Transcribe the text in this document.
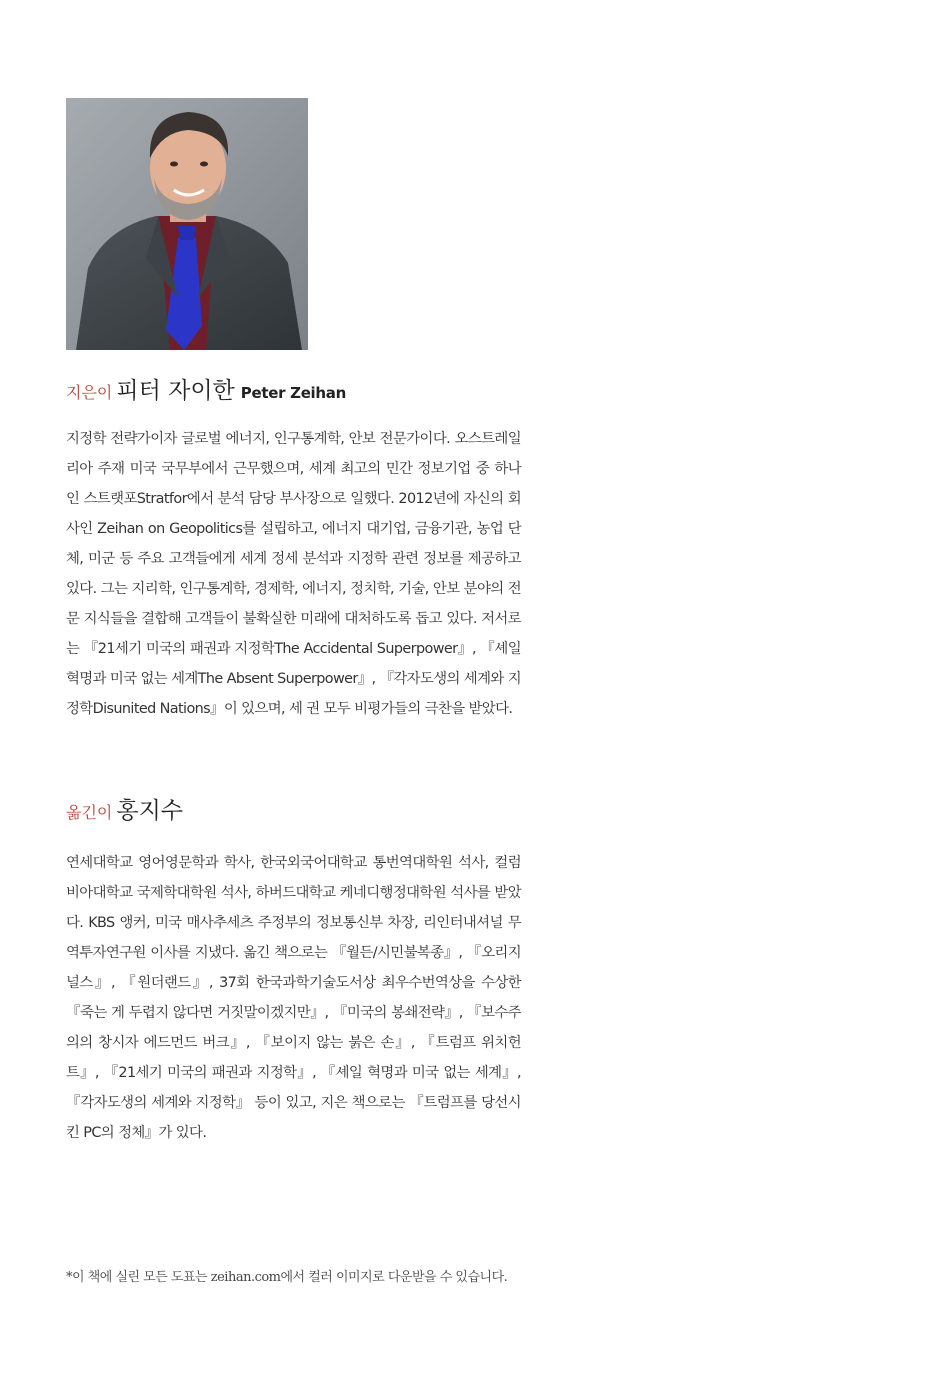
지은이 피터 자이한 Peter Zeihan

지정학 전략가이자 글로벌 에너지, 인구통계학, 안보 전문가이다. 오스트레일리아 주재 미국 국무부에서 근무했으며, 세계 최고의 민간 정보기업 중 하나인 스트랫포Stratfor에서 분석 담당 부사장으로 일했다. 2012년에 자신의 회사인 Zeihan on Geopolitics를 설립하고, 에너지 대기업, 금융기관, 농업 단체, 미군 등 주요 고객들에게 세계 정세 분석과 지정학 관련 정보를 제공하고 있다. 그는 지리학, 인구통계학, 경제학, 에너지, 정치학, 기술, 안보 분야의 전문 지식들을 결합해 고객들이 불확실한 미래에 대처하도록 돕고 있다. 저서로는 『21세기 미국의 패권과 지정학The Accidental Superpower』, 『셰일 혁명과 미국 없는 세계The Absent Superpower』, 『각자도생의 세계와 지정학Disunited Nations』이 있으며, 세 권 모두 비평가들의 극찬을 받았다.

옮긴이 홍지수

연세대학교 영어영문학과 학사, 한국외국어대학교 통번역대학원 석사, 컬럼비아대학교 국제학대학원 석사, 하버드대학교 케네디행정대학원 석사를 받았다. KBS 앵커, 미국 매사추세츠 주정부의 정보통신부 차장, 리인터내셔널 무역투자연구원 이사를 지냈다. 옮긴 책으로는 『월든/시민불복종』, 『오리지널스』, 『원더랜드』, 37회 한국과학기술도서상 최우수번역상을 수상한 『죽는 게 두렵지 않다면 거짓말이겠지만』, 『미국의 봉쇄전략』, 『보수주의의 창시자 에드먼드 버크』, 『보이지 않는 붉은 손』, 『트럼프 위치헌트』, 『21세기 미국의 패권과 지정학』, 『셰일 혁명과 미국 없는 세계』, 『각자도생의 세계와 지정학』 등이 있고, 지은 책으로는 『트럼프를 당선시킨 PC의 정체』가 있다.

*이 책에 실린 모든 도표는 zeihan.com에서 컬러 이미지로 다운받을 수 있습니다.
